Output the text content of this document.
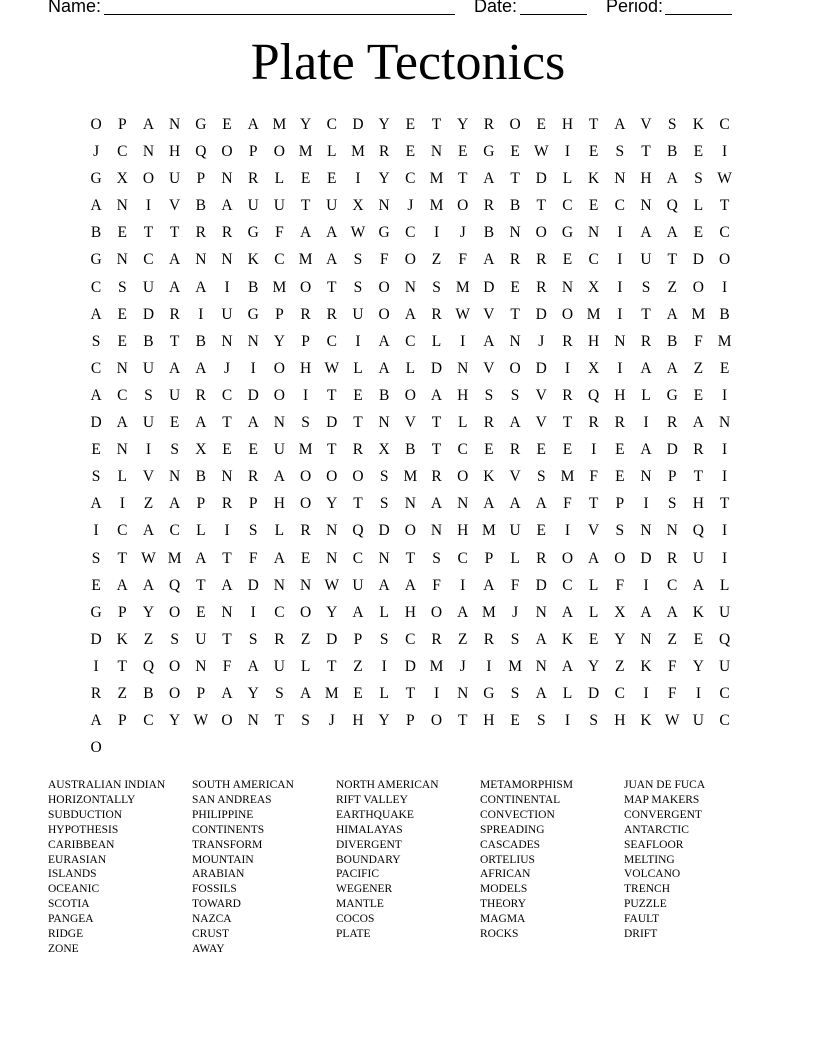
Name:	Date:	Period:
Plate Tectonics
O	P	A N G	E	A M Y C D Y	E	T	Y R O	E	H	T	A V	S	K C
J	C N H Q O	P	O M L M R	E	N	E	G	E W	I	E	S	T	B	E	I
G X O U	P	N R	L	E	E	I	Y C M T	A	T	D	L	K N H A	S W
A N	I	V B A U U	T	U X N	J	M O R	B	T	C	E	C N Q	L	T
B	E	T	T	R	R G	F	A A W G C	I	J	B N O G N	I	A A	E	C
G N C A N N K C M A	S	F	O	Z	F	A R	R	E	C	I	U	T	D O
C	S	U A A	I	B M O	T	S	O N	S M D	E	R N X	I	S	Z	O	I
A	E	D R	I	U G	P	R	R U O A R W V	T	D O M	I	T	A M B
S	E	B	T	B N N Y	P	C	I	A C	L	I	A N	J	R H N R	B	F M
C N U A A	J	I	O H W L	A	L	D N V O D	I	X	I	A A	Z	E
A C	S	U R	C D O	I	T	E	B O A H	S	S	V R Q H	L	G	E	I
D A U	E	A	T	A N	S	D	T	N V	T	L	R A V	T	R	R	I	R A N
E	N	I	S	X	E	E	U M T	R X B	T	C	E	R	E	E	I	E	A D R	I
S	L	V N B N R A O O O	S M R O K V	S M F	E	N	P	T	I
A	I	Z	A	P	R	P	H O Y	T	S	N A N A A A	F	T	P	I	S	H	T
I	C A C	L	I	S	L	R N Q D O N H M U	E	I	V	S	N N Q	I
S	T W M A	T	F	A	E	N C N	T	S	C	P	L	R O A O D R U	I
E	A A Q	T	A D N N W U A A	F	I	A	F	D C	L	F	I	C A	L
G	P	Y O	E	N	I	C O Y A	L	H O A M	J	N A	L	X A A K U
D K	Z	S	U	T	S	R	Z	D	P	S	C	R	Z	R	S	A K	E	Y N	Z	E	Q
I	T	Q O N	F	A U	L	T	Z	I	D M	J	I	M N A Y	Z	K	F	Y U
R	Z	B O	P	A Y	S	A M E	L	T	I	N G	S	A	L	D C	I	F	I	C
A	P	C Y W O N	T	S	J	H Y	P	O	T	H	E	S	I	S	H K W U C
O
AUSTRALIAN INDIAN
HORIZONTALLY
SUBDUCTION
HYPOTHESIS
CARIBBEAN
EURASIAN
ISLANDS
OCEANIC
SCOTIA
PANGEA
RIDGE
ZONE
SOUTH AMERICAN
SAN ANDREAS
PHILIPPINE
CONTINENTS
TRANSFORM
MOUNTAIN
ARABIAN
FOSSILS
TOWARD
NAZCA
CRUST
AWAY
NORTH AMERICAN
RIFT VALLEY
EARTHQUAKE
HIMALAYAS
DIVERGENT
BOUNDARY
PACIFIC
WEGENER
MANTLE
COCOS
PLATE
METAMORPHISM
CONTINENTAL
CONVECTION
SPREADING
CASCADES
ORTELIUS
AFRICAN
MODELS
THEORY
MAGMA
ROCKS
JUAN DE FUCA
MAP MAKERS
CONVERGENT
ANTARCTIC
SEAFLOOR
MELTING
VOLCANO
TRENCH
PUZZLE
FAULT
DRIFT
